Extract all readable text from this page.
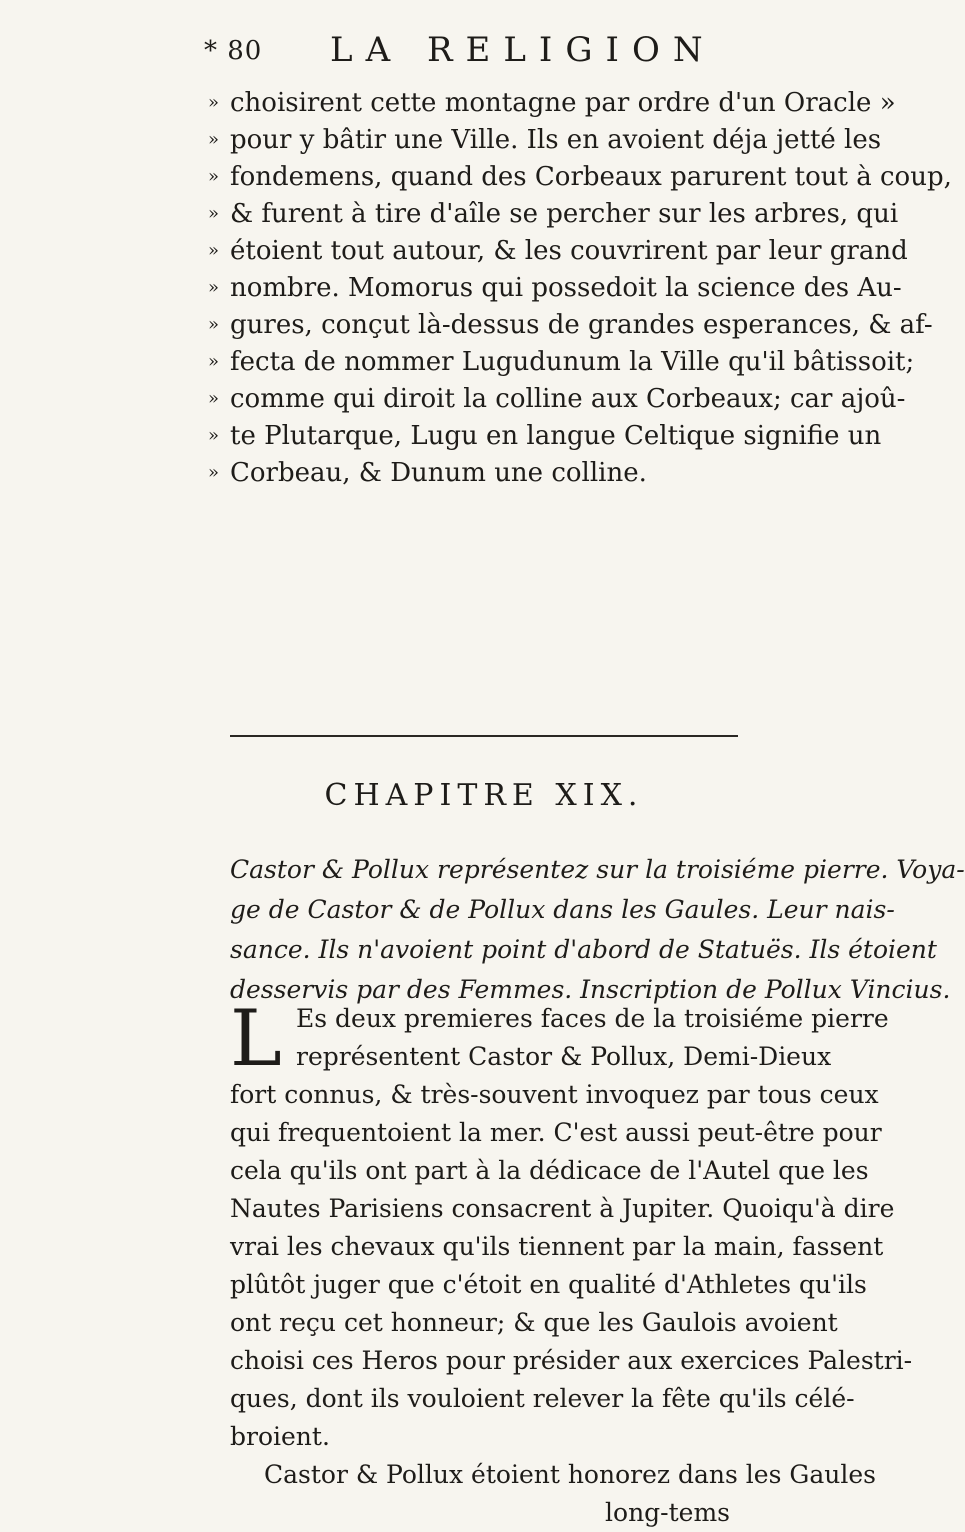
* 80 LA RELIGION
» choisirent cette montagne par ordre d'un Oracle »
» pour y bâtir une Ville. Ils en avoient déja jetté les
» fondemens, quand des Corbeaux parurent tout à coup,
» & furent à tire d'aîle se percher sur les arbres, qui
» étoient tout autour, & les couvrirent par leur grand
» nombre. Momorus qui possedoit la science des Au-
» gures, conçut là-dessus de grandes esperances, & af-
» fecta de nommer Lugudunum la Ville qu'il bâtissoit;
» comme qui diroit la colline aux Corbeaux; car ajoû-
» te Plutarque, Lugu en langue Celtique signifie un
» Corbeau, & Dunum une colline.
CHAPITRE XIX.
Castor & Pollux représentez sur la troisiéme pierre. Voya-
ge de Castor & de Pollux dans les Gaules. Leur nais-
sance. Ils n'avoient point d'abord de Statuës. Ils étoient
desservis par des Femmes. Inscription de Pollux Vincius.
L Es deux premieres faces de la troisiéme pierre
représentent Castor & Pollux, Demi-Dieux
fort connus, & très-souvent invoquez par tous ceux
qui frequentoient la mer. C'est aussi peut-être pour
cela qu'ils ont part à la dédicace de l'Autel que les
Nautes Parisiens consacrent à Jupiter. Quoiqu'à dire
vrai les chevaux qu'ils tiennent par la main, fassent
plûtôt juger que c'étoit en qualité d'Athletes qu'ils
ont reçu cet honneur; & que les Gaulois avoient
choisi ces Heros pour présider aux exercices Palestri-
ques, dont ils vouloient relever la fête qu'ils célé-
broient.
Castor & Pollux étoient honorez dans les Gaules
long-tems
